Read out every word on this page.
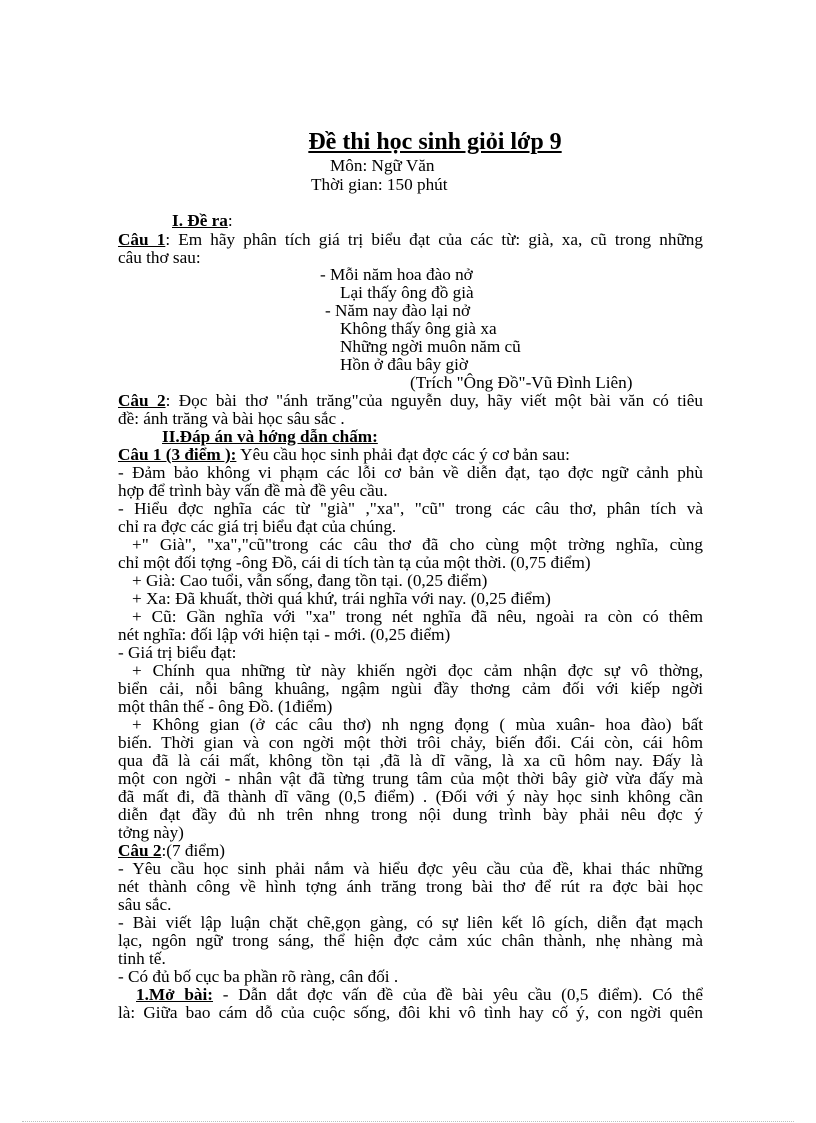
Đề thi học sinh giỏi lớp 9
Môn: Ngữ Văn
Thời gian: 150 phút
I. Đề ra:
Câu 1: Em hãy phân tích giá trị biểu đạt của các từ: già, xa, cũ trong những
câu thơ sau:
- Mỗi năm hoa đào nở
Lại thấy ông đồ già
- Năm nay đào lại nở
Không thấy ông già xa
Những ngời muôn năm cũ
Hồn ở đâu bây giờ
(Trích "Ông Đồ"-Vũ Đình Liên)
Câu 2: Đọc bài thơ "ánh trăng"của nguyễn duy, hãy viết một bài văn có tiêu
đề: ánh trăng và bài học sâu sắc .
II.Đáp án và hớng dẫn chấm:
Câu 1 (3 điểm ): Yêu cầu học sinh phải đạt đợc các ý cơ bản sau:
- Đảm bảo không vi phạm các lỗi cơ bản về diễn đạt, tạo đợc ngữ cảnh phù
hợp để trình bày vấn đề mà đề yêu cầu.
- Hiểu đợc nghĩa các từ "già" ,"xa", "cũ" trong các câu thơ, phân tích và
chỉ ra đợc các giá trị biểu đạt của chúng.
+" Già", "xa","cũ"trong các câu thơ đã cho cùng một trờng nghĩa, cùng
chỉ một đối tợng -ông Đồ, cái di tích tàn tạ của một thời. (0,75 điểm)
+ Già: Cao tuổi, vẫn sống, đang tồn tại. (0,25 điểm)
+ Xa: Đã khuất, thời quá khứ, trái nghĩa với nay. (0,25 điểm)
+ Cũ: Gần nghĩa với "xa" trong nét nghĩa đã nêu, ngoài ra còn có thêm
nét nghĩa: đối lập với hiện tại - mới. (0,25 điểm)
- Giá trị biểu đạt:
+ Chính qua những từ này khiến ngời đọc cảm nhận đợc sự vô thờng,
biển cải, nỗi bâng khuâng, ngậm ngùi đầy thơng cảm đối với kiếp ngời
một thân thế - ông Đồ. (1điểm)
+ Không gian (ở các câu thơ) nh ngng đọng ( mùa xuân- hoa đào) bất
biến. Thời gian và con ngời một thời trôi chảy, biến đổi. Cái còn, cái hôm
qua đã là cái mất, không tồn tại ,đã là dĩ vãng, là xa cũ hôm nay. Đấy là
một con ngời - nhân vật đã từng trung tâm của một thời bây giờ vừa đấy mà
đã mất đi, đã thành dĩ vãng (0,5 điểm) . (Đối với ý này học sinh không cần
diễn đạt đầy đủ nh trên nhng trong nội dung trình bày phải nêu đợc ý
tởng này)
Câu 2:(7 điểm)
- Yêu cầu học sinh phải nắm và hiểu đợc yêu cầu của đề, khai thác những
nét thành công về hình tợng ánh trăng trong bài thơ để rút ra đợc bài học
sâu sắc.
- Bài viết lập luận chặt chẽ,gọn gàng, có sự liên kết lô gích, diễn đạt mạch
lạc, ngôn ngữ trong sáng, thể hiện đợc cảm xúc chân thành, nhẹ nhàng mà
tinh tế.
- Có đủ bố cục ba phần rõ ràng, cân đối .
1.Mở bài: - Dẫn dắt đợc vấn đề của đề bài yêu cầu (0,5 điểm). Có thể
là: Giữa bao cám dỗ của cuộc sống, đôi khi vô tình hay cố ý, con ngời quên
